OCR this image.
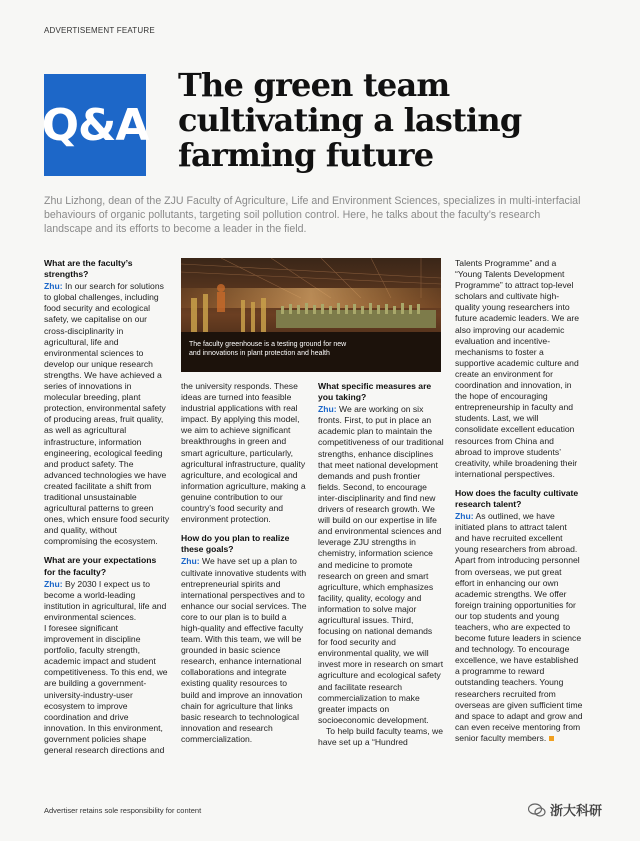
ADVERTISEMENT FEATURE
Q&A
The green team cultivating a lasting farming future
Zhu Lizhong, dean of the ZJU Faculty of Agriculture, Life and Environment Sciences, specializes in multi-interfacial behaviours of organic pollutants, targeting soil pollution control. Here, he talks about the faculty’s research landscape and its efforts to become a leader in the field.

What are the faculty’s strengths?

Zhu: In our search for solutions to global challenges, including food security and ecological safety, we capitalise on our cross-disciplinarity in agricultural, life and environmental sciences to develop our unique research strengths. We have achieved a series of innovations in molecular breeding, plant protection, environmental safety of producing areas, fruit quality, as well as agricultural infrastructure, information engineering, ecological feeding and product safety. The advanced technologies we have created facilitate a shift from traditional unsustainable agricultural patterns to green ones, which ensure food security and quality, without compromising the ecosystem.

What are your expectations for the faculty?

Zhu: By 2030 I expect us to become a world-leading institution in agricultural, life and environmental sciences.

I foresee significant improvement in discipline portfolio, faculty strength, academic impact and student competitiveness. To this end, we are building a government-university-industry-user ecosystem to improve coordination and drive innovation. In this environment, government policies shape general research directions and

The faculty greenhouse is a testing ground for new and innovations in plant protection and health

the university responds. These ideas are turned into feasible industrial applications with real impact. By applying this model, we aim to achieve significant breakthroughs in green and smart agriculture, particularly, agricultural infrastructure, quality agriculture, and ecological and information agriculture, making a genuine contribution to our country’s food security and environment protection.

How do you plan to realize these goals?

Zhu: We have set up a plan to cultivate innovative students with entrepreneurial spirits and international perspectives and to enhance our social services. The core to our plan is to build a high-quality and effective faculty team. With this team, we will be grounded in basic science research, enhance international collaborations and integrate existing quality resources to build and improve an innovation chain for agriculture that links basic research to technological innovation and research commercialization.

What specific measures are you taking?

Zhu: We are working on six fronts. First, to put in place an academic plan to maintain the competitiveness of our traditional strengths, enhance disciplines that meet national development demands and push frontier fields. Second, to encourage inter-disciplinarity and find new drivers of research growth. We will build on our expertise in life and environmental sciences and leverage ZJU strengths in chemistry, information science and medicine to promote research on green and smart agriculture, which emphasizes facility, quality, ecology and information to solve major agricultural issues. Third, focusing on national demands for food security and environmental quality, we will invest more in research on smart agriculture and ecological safety and facilitate research commercialization to make greater impacts on socioeconomic development.

To help build faculty teams, we have set up a “Hundred

Talents Programme” and a “Young Talents Development Programme” to attract top-level scholars and cultivate high-quality young researchers into future academic leaders. We are also improving our academic evaluation and incentive-mechanisms to foster a supportive academic culture and create an environment for coordination and innovation, in the hope of encouraging entrepreneurship in faculty and students. Last, we will consolidate excellent education resources from China and abroad to improve students’ creativity, while broadening their international perspectives.

How does the faculty cultivate research talent?

Zhu: As outlined, we have initiated plans to attract talent and have recruited excellent young researchers from abroad. Apart from introducing personnel from overseas, we put great effort in enhancing our own academic strengths. We offer foreign training opportunities for our top students and young teachers, who are expected to become future leaders in science and technology. To encourage excellence, we have established a programme to reward outstanding teachers. Young researchers recruited from overseas are given sufficient time and space to adapt and grow and can even receive mentoring from senior faculty members.

Advertiser retains sole responsibility for content	浙大科研
